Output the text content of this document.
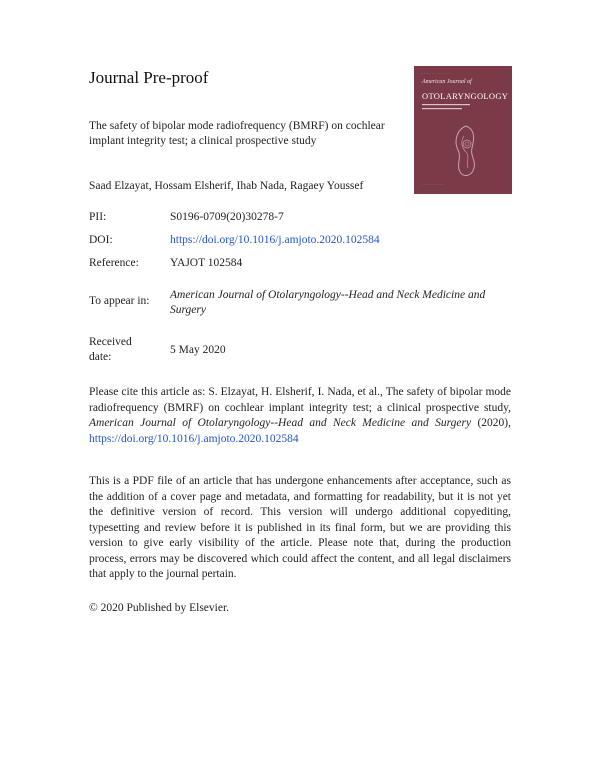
Journal Pre-proof
The safety of bipolar mode radiofrequency (BMRF) on cochlear implant integrity test; a clinical prospective study
Saad Elzayat, Hossam Elsherif, Ihab Nada, Ragaey Youssef
· · · · · · · · · · · ·
American Journal of
OTOLARYNGOLOGY
· · · · · · · · · · ·
PII:	S0196-0709(20)30278-7
DOI:	https://doi.org/10.1016/j.amjoto.2020.102584
Reference:	YAJOT 102584
To appear in: American Journal of Otolaryngology--Head and Neck Medicine and Surgery
Received
date:
5 May 2020
Please cite this article as: S. Elzayat, H. Elsherif, I. Nada, et al., The safety of bipolar mode radiofrequency (BMRF) on cochlear implant integrity test; a clinical prospective study, American Journal of Otolaryngology--Head and Neck Medicine and Surgery (2020), https://doi.org/10.1016/j.amjoto.2020.102584
This is a PDF file of an article that has undergone enhancements after acceptance, such as the addition of a cover page and metadata, and formatting for readability, but it is not yet the definitive version of record. This version will undergo additional copyediting, typesetting and review before it is published in its final form, but we are providing this version to give early visibility of the article. Please note that, during the production process, errors may be discovered which could affect the content, and all legal disclaimers that apply to the journal pertain.
© 2020 Published by Elsevier.
